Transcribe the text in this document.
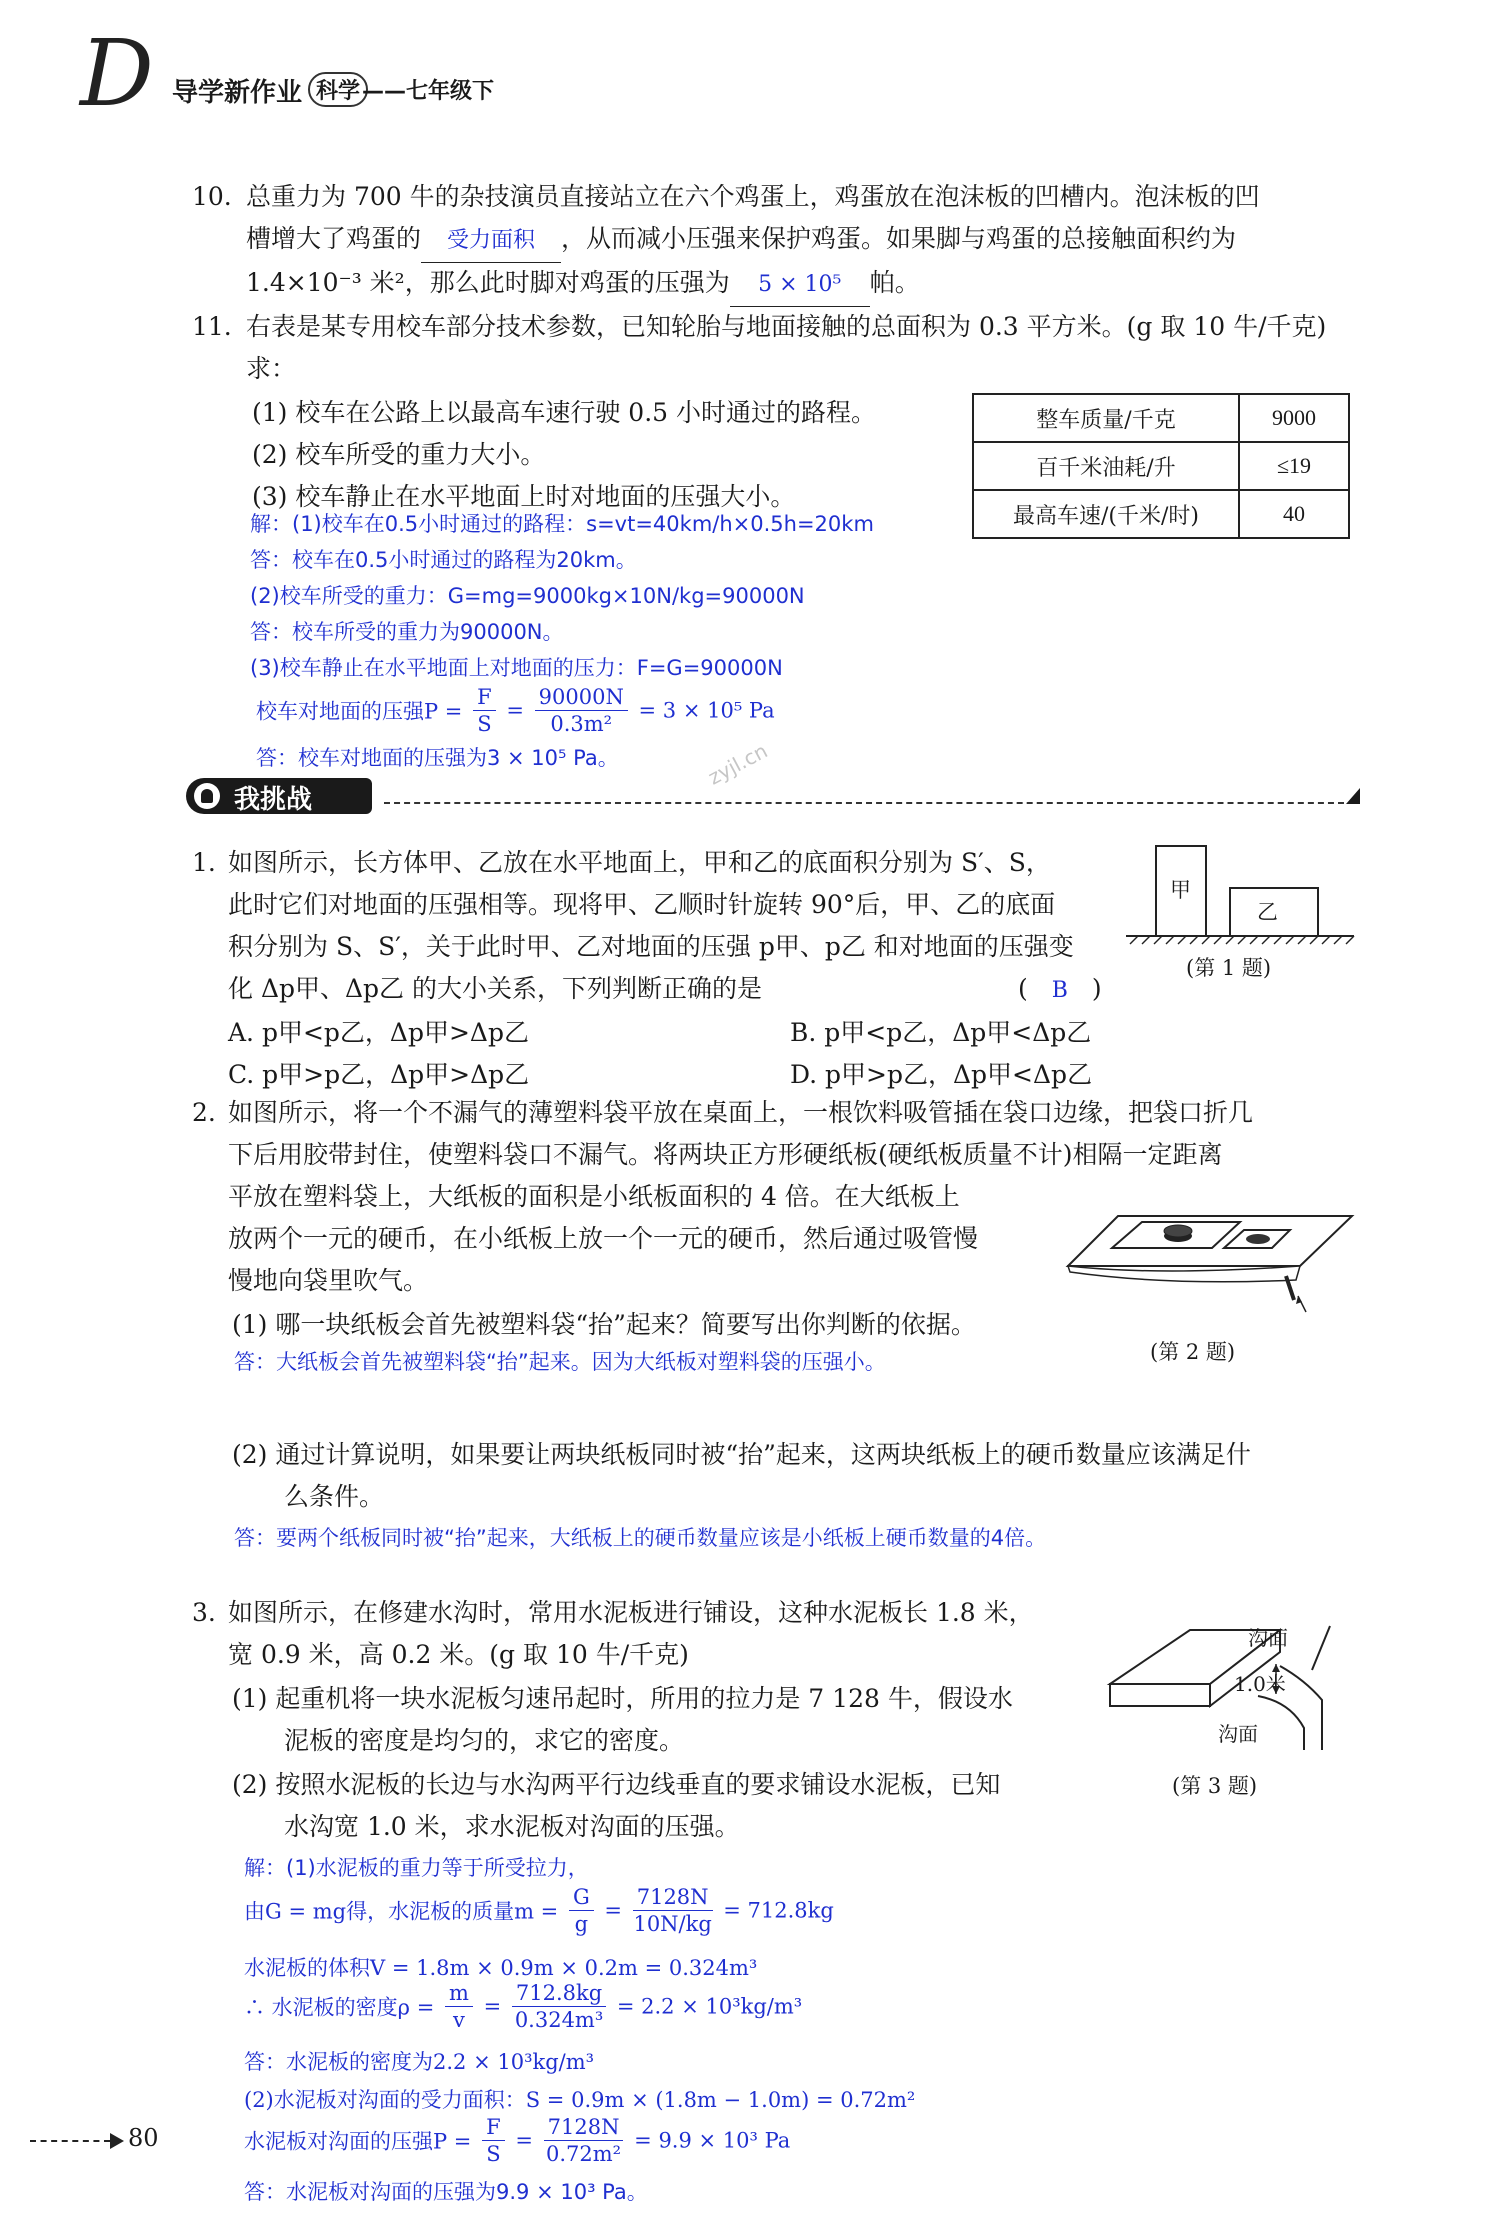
D 导学新作业 科学 ——七年级下
10. 总重力为 700 牛的杂技演员直接站立在六个鸡蛋上，鸡蛋放在泡沫板的凹槽内。泡沫板的凹
槽增大了鸡蛋的 受力面积 ，从而减小压强来保护鸡蛋。如果脚与鸡蛋的总接触面积约为
1.4×10⁻³ 米²，那么此时脚对鸡蛋的压强为 5 × 10⁵ 帕。
11. 右表是某专用校车部分技术参数，已知轮胎与地面接触的总面积为 0.3 平方米。(g 取 10 牛/千克)
求：
(1) 校车在公路上以最高车速行驶 0.5 小时通过的路程。
(2) 校车所受的重力大小。
(3) 校车静止在水平地面上时对地面的压强大小。
整车质量/千克	9000
百千米油耗/升	≤19
最高车速/(千米/时)	40
解：(1)校车在0.5小时通过的路程：s=vt=40km/h×0.5h=20km
答：校车在0.5小时通过的路程为20km。
(2)校车所受的重力：G=mg=9000kg×10N/kg=90000N
答：校车所受的重力为90000N。
(3)校车静止在水平地面上对地面的压力：F=G=90000N
校车对地面的压强$P = \frac{F}{S} = \frac{90000N}{\text{0.3m²}} = 3 \times 10^5$ Pa
答：校车对地面的压强为3 × 10⁵ Pa。	zyjl.cn
我挑战
1. 如图所示，长方体甲、乙放在水平地面上，甲和乙的底面积分别为 S′、S，
此时它们对地面的压强相等。现将甲、乙顺时针旋转 90°后，甲、乙的底面
积分别为 S、S′，关于此时甲、乙对地面的压强 p甲、p乙 和对地面的压强变
化 Δp甲、Δp乙 的大小关系，下列判断正确的是	( B )
A. p甲<p乙，Δp甲>Δp乙	B. p甲<p乙，Δp甲<Δp乙
C. p甲>p乙，Δp甲>Δp乙	D. p甲>p乙，Δp甲<Δp乙
甲
乙
(第 1 题)
2. 如图所示，将一个不漏气的薄塑料袋平放在桌面上，一根饮料吸管插在袋口边缘，把袋口折几
下后用胶带封住，使塑料袋口不漏气。将两块正方形硬纸板(硬纸板质量不计)相隔一定距离
平放在塑料袋上，大纸板的面积是小纸板面积的 4 倍。在大纸板上
放两个一元的硬币，在小纸板上放一个一元的硬币，然后通过吸管慢
慢地向袋里吹气。
(1) 哪一块纸板会首先被塑料袋“抬”起来？简要写出你判断的依据。
答：大纸板会首先被塑料袋“抬”起来。因为大纸板对塑料袋的压强小。
(2) 通过计算说明，如果要让两块纸板同时被“抬”起来，这两块纸板上的硬币数量应该满足什
么条件。
答：要两个纸板同时被“抬”起来，大纸板上的硬币数量应该是小纸板上硬币数量的4倍。
(第 2 题)
3. 如图所示，在修建水沟时，常用水泥板进行铺设，这种水泥板长 1.8 米，
宽 0.9 米，高 0.2 米。(g 取 10 牛/千克)
(1) 起重机将一块水泥板匀速吊起时，所用的拉力是 7 128 牛，假设水
泥板的密度是均匀的，求它的密度。
(2) 按照水泥板的长边与水沟两平行边线垂直的要求铺设水泥板，已知
水沟宽 1.0 米，求水泥板对沟面的压强。
沟面
1.0米
沟面
(第 3 题)
解：(1)水泥板的重力等于所受拉力，
由G = mg得，水泥板的质量$m = \frac{G}{g} = \frac{7128N}{10N/kg} = 712.8kg$
水泥板的体积V = 1.8m × 0.9m × 0.2m = 0.324m³
∴ 水泥板的密度$\rho = \frac{m}{v} = \frac{712.8kg}{\text{0.324m³}} = 2.2 \times 10^3kg/m^3$
答：水泥板的密度为2.2 × 10³kg/m³
(2)水泥板对沟面的受力面积：S = 0.9m × (1.8m − 1.0m) = 0.72m²
水泥板对沟面的压强$P = \frac{F}{S} = \frac{7128N}{\text{0.72m²}} = 9.9 \times 10^3$ Pa
答：水泥板对沟面的压强为9.9 × 10³ Pa。
80
